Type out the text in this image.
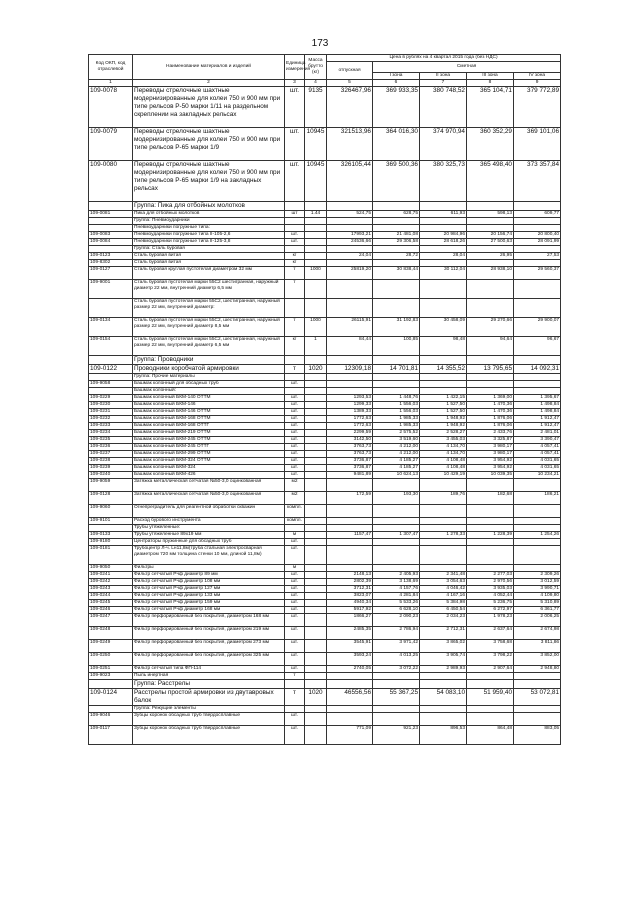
173
Код ОКП, код отраслевой	Наименование материалов и изделий	Единица измерения	Масса брутто (кг)	Цена в рублях на 4 квартал 2015 года (без НДС)				
				отпускная	Сметная			
					I зона	II зона	III зона	IV зона
1	2	3	4	5	6	7	8	9
109-0078	Переводы стрелочные шахтные модернизированные для колеи 750 и 900 мм при типе рельсов Р-50 марки 1/11 на раздельном скреплении на закладных рельсах	шт.	9135	326467,96	369 933,35	380 748,52	365 104,71	379 772,89
109-0079	Переводы стрелочные шахтные модернизированные для колеи 750 и 900 мм при типе рельсов Р-65 марки 1/9	шт.	10945	321513,96	364 016,30	374 970,94	360 352,29	369 101,06
109-0080	Переводы стрелочные шахтные модернизированные для колеи 750 и 900 мм при типе рельсов Р-65 марки 1/9 на закладных рельсах	шт.	10945	326105,44	369 500,36	380 325,73	365 498,40	373 357,84
	Группа: Пика для отбойных молотков							
109-0081	Пика для отбойных молотков	шт	1.44	524,75	628,75	611,93	598,13	609,77
	Группа: Пневмоударники							
	Пневмоударники погружные типа:							
109-0083	Пневмоударники погружные типа II-105-2,6	шт.		17993,21	21 481,08	20 984,96	20 156,74	20 800,40
109-0084	Пневмоударники погружные типа II-125-3,8	шт.		24536,66	29 306,58	28 618,26	27 500,63	28 091,99
	Группа: Сталь буровая							
109-0123	Сталь буровая витая	кг		24,04	28,72	28,04	26,95	27,53
109-8302	Сталь буровая витая	кг						
109-0127	Сталь буровая круглая пустотелая диаметром 32 мм	т	1000	25819,20	30 838,44	30 112,04	28 938,10	29 560,37
109-9001	Сталь буровая пустотелая марки 55С2 шестигранная, наружный диаметр 22 мм, внутренний диаметр 6,5 мм	т						
	Сталь буровая пустотелая марки 55С2, шестигранная, наружный размер 22 мм, внутренний диаметр:							
109-0134	Сталь буровая пустотелая марки 55С2, шестигранная, наружный размер 22 мм, внутренний диаметр 8,5 мм	т	1000	26115,91	31 192,83	30 458,09	29 270,66	29 900,07
109-0154	Сталь буровая пустотелая марки 55С2, шестигранная, наружный размер 22 мм, внутренний диаметр 6,5 мм	кг	1	84,44	100,85	98,48	94,64	96,67
	Группа: Проводники							
109-0122	Проводники коробчатой армировки	т	1020	12309,18	14 701,81	14 355,52	13 795,65	14 092,31
	Группа: Прочие материалы							
109-9058	Башмак колонный для обсадных труб	шт.						
	Башмак колонный:							
109-0229	Башмак колонный БКМ-140 ОТТМ	шт.		1293,53	1 448,76	1 422,15	1 369,00	1 395,67
109-0230	Башмак колонный БКМ-146	шт.		1299,33	1 556,03	1 527,50	1 470,36	1 498,84
109-0231	Башмак колонный БКМ-146 ОТТМ	шт.		1389,33	1 556,03	1 527,50	1 470,36	1 498,84
109-0232	Башмак колонный БКМ-168 ОТТМ	шт.		1772,63	1 985,33	1 948,92	1 876,06	1 912,47
109-0233	Башмак колонный БКМ-168 ОТТГ	шт.		1772,63	1 985,33	1 948,92	1 876,06	1 912,47
109-0234	Башмак колонный БКМ-219 ОТТМ	шт.		2299,59	2 575,52	2 528,27	2 433,76	2 481,01
109-0235	Башмак колонный БКМ-245 ОТТМ	шт.		3142,50	3 519,60	3 455,03	3 325,87	3 390,47
109-0236	Башмак колонный БКМ-245 ОТТГ	шт.		3763,73	4 212,00	4 134,70	3 980,17	4 057,41
109-0237	Башмак колонный БКМ-299 ОТТМ	шт.		3763,73	4 212,00	4 134,70	3 980,17	4 057,41
109-0238	Башмак колонный БКМ-324 ОТТМ	шт.		3736,87	4 185,27	4 108,48	3 954,92	4 031,65
109-0239	Башмак колонный БКМ-324	шт.		3736,87	4 185,27	4 108,48	3 954,92	4 031,65
109-0240	Башмак колонный БКМ-426	шт.		9481,89	10 624,13	10 429,19	10 039,35	10 234,21
109-9059	Затяжка металлическая сетчатая №50-3,0 оцинкованная	м2						
109-0128	Затяжка металлическая сетчатая №50-3,0 оцинкованная	м2		172,59	193,30	189,76	182,68	186,21
109-9060	Огнепреградитель для реагентной обработки скважин	компл.						
109-9101	Расход бурового инструмента	компл.						
	Трубы утяжеленные:							
109-0133	Трубы утяжеленные 89х19 мм	м		1157,47	1 307,47	1 278,33	1 228,39	1 254,26
109-9180	Центраторы пружинные для обсадных труб	шт.						
109-0181	Трубоцентр Л-ч. Lн11,8м(труба стальная электросварная диаметром 720 мм толщина стенки 10 мм, длиной 11,8м)	шт.						
109-9050	Фильтры	м						
109-0241	Фильтр сетчатый Рчф диаметр 89 мм	шт.		2148,13	2 405,93	2 341,48	2 277,03	2 309,26
109-0242	Фильтр сетчатый Рчф диаметр 108 мм	шт.		2802,39	3 138,69	3 054,63	2 970,56	3 012,59
109-0243	Фильтр сетчатый Рчф диаметр 127 мм	шт.		3712,31	4 157,76	4 046,42	3 935,03	3 990,71
109-0244	Фильтр сетчатый Рчф диаметр 133 мм	шт.		3823,07	4 281,84	4 167,16	4 052,44	4 109,80
109-0245	Фильтр сетчатый Рчф диаметр 159 мм	шт.		4940,34	5 533,26	5 384,98	5 236,75	5 310,89
109-0246	Фильтр сетчатый Рчф диаметр 168 мм	шт.		5917,92	6 628,10	6 450,54	6 272,97	6 361,77
109-0247	Фильтр перфорированный без покрытия, диаметром 168 мм	шт.		1866,27	2 090,23	2 034,23	1 978,23	2 006,25
109-0248	Фильтр перфорированный без покрытия, диаметром 219 мм	шт.		2485,35	2 786,94	2 712,31	2 637,64	2 674,98
109-0249	Фильтр перфорированный без покрытия, диаметром 273 мм	шт.		3545,91	3 971,42	3 865,02	3 758,68	3 811,86
109-0250	Фильтр перфорированный без покрытия, диаметром 325 мм	шт.		3593,24	4 013,25	3 905,74	3 798,22	3 852,00
109-0251	Фильтр сетчатый типа ФП-114	шт.		2740,05	3 072,22	2 989,93	2 907,64	2 948,80
109-9023	Пыль инертная	т						
	Группа: Расстрелы							
109-0124	Расстрелы простой армировки из двутавровых балок	т	1020	46556,56	55 367,25	54 083,10	51 959,40	53 072,81
	Группа: Режущие элементы							
109-9046	Зубцы коронок обсадных труб твердосплавные	шт.						
109-0117	Зубцы коронок обсадных труб твердосплавные	шт.		771,09	921,23	896,53	864,48	883,05
